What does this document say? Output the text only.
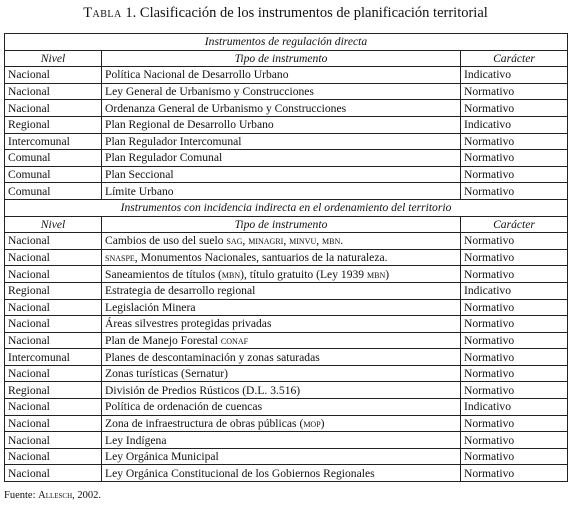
Tabla 1. Clasificación de los instrumentos de planificación territorial
Instrumentos de regulación directa		
Nivel	Tipo de instrumento	Carácter
Nacional	Política Nacional de Desarrollo Urbano	Indicativo
Nacional	Ley General de Urbanismo y Construcciones	Normativo
Nacional	Ordenanza General de Urbanismo y Construcciones	Normativo
Regional	Plan Regional de Desarrollo Urbano	Indicativo
Intercomunal	Plan Regulador Intercomunal	Normativo
Comunal	Plan Regulador Comunal	Normativo
Comunal	Plan Seccional	Normativo
Comunal	Límite Urbano	Normativo
Instrumentos con incidencia indirecta en el ordenamiento del territorio		
Nivel	Tipo de instrumento	Carácter
Nacional	Cambios de uso del suelo sag, minagri, minvu, mbn.	Normativo
Nacional	snaspe, Monumentos Nacionales, santuarios de la naturaleza.	Normativo
Nacional	Saneamientos de títulos (mbn), título gratuito (Ley 1939 mbn)	Normativo
Regional	Estrategia de desarrollo regional	Indicativo
Nacional	Legislación Minera	Normativo
Nacional	Áreas silvestres protegidas privadas	Normativo
Nacional	Plan de Manejo Forestal conaf	Normativo
Intercomunal	Planes de descontaminación y zonas saturadas	Normativo
Nacional	Zonas turísticas (Sernatur)	Normativo
Regional	División de Predios Rústicos (D.L. 3.516)	Normativo
Nacional	Política de ordenación de cuencas	Indicativo
Nacional	Zona de infraestructura de obras públicas (mop)	Normativo
Nacional	Ley Indígena	Normativo
Nacional	Ley Orgánica Municipal	Normativo
Nacional	Ley Orgánica Constitucional de los Gobiernos Regionales	Normativo
Fuente: Allesch, 2002.
